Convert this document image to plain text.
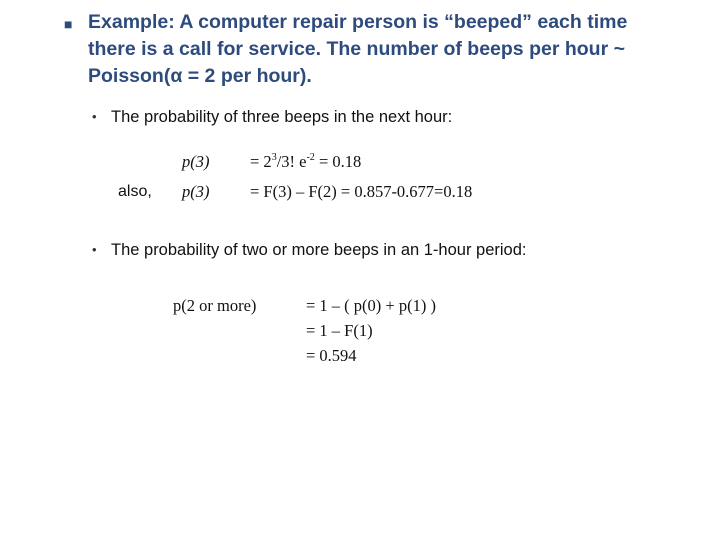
■ Example: A computer repair person is “beeped” each time
there is a call for service. The number of beeps per hour ~
Poisson(α = 2 per hour).
• The probability of three beeps in the next hour:
$p(3) = 2^3/3$! $e^{-2} = 0.18$
also, p(3) = F(3) – F(2) = 0.857-0.677=0.18
• The probability of two or more beeps in an 1-hour period:
p(2 or more)	= 1 – ( p(0) + p(1) )
= 1 – F(1)
= 0.594
